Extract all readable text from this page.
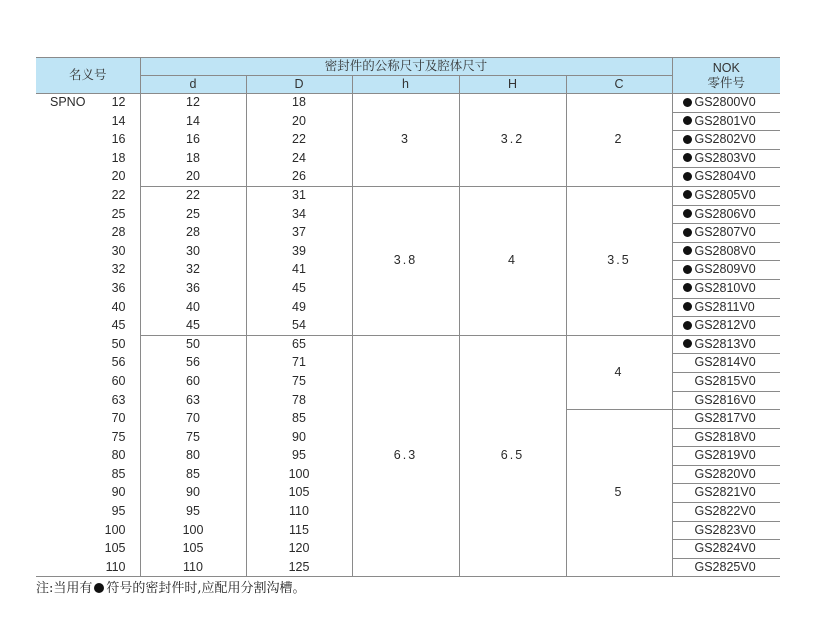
名义号	密封件的公称尺寸及腔体尺寸					NOK
零件号
	d	D	h	H	C	

SPNO 12	12	18	3	3.2	2	GS2800V0
14	14	20				GS2801V0
16	16	22				GS2802V0
18	18	24				GS2803V0
20	20	26				GS2804V0
22	22	31	3.8	4	3.5	GS2805V0
25	25	34				GS2806V0
28	28	37				GS2807V0
30	30	39				GS2808V0
32	32	41				GS2809V0
36	36	45				GS2810V0
40	40	49				GS2811V0
45	45	54				GS2812V0
50	50	65	6.3	6.5	4	GS2813V0
56	56	71				GS2814V0
60	60	75				GS2815V0
63	63	78				GS2816V0
70	70	85			5	GS2817V0
75	75	90				GS2818V0
80	80	95				GS2819V0
85	85	100				GS2820V0
90	90	105				GS2821V0
95	95	110				GS2822V0
100	100	115				GS2823V0
105	105	120				GS2824V0
110	110	125				GS2825V0
注:当用有 符号的密封件时,应配用分割沟槽。
